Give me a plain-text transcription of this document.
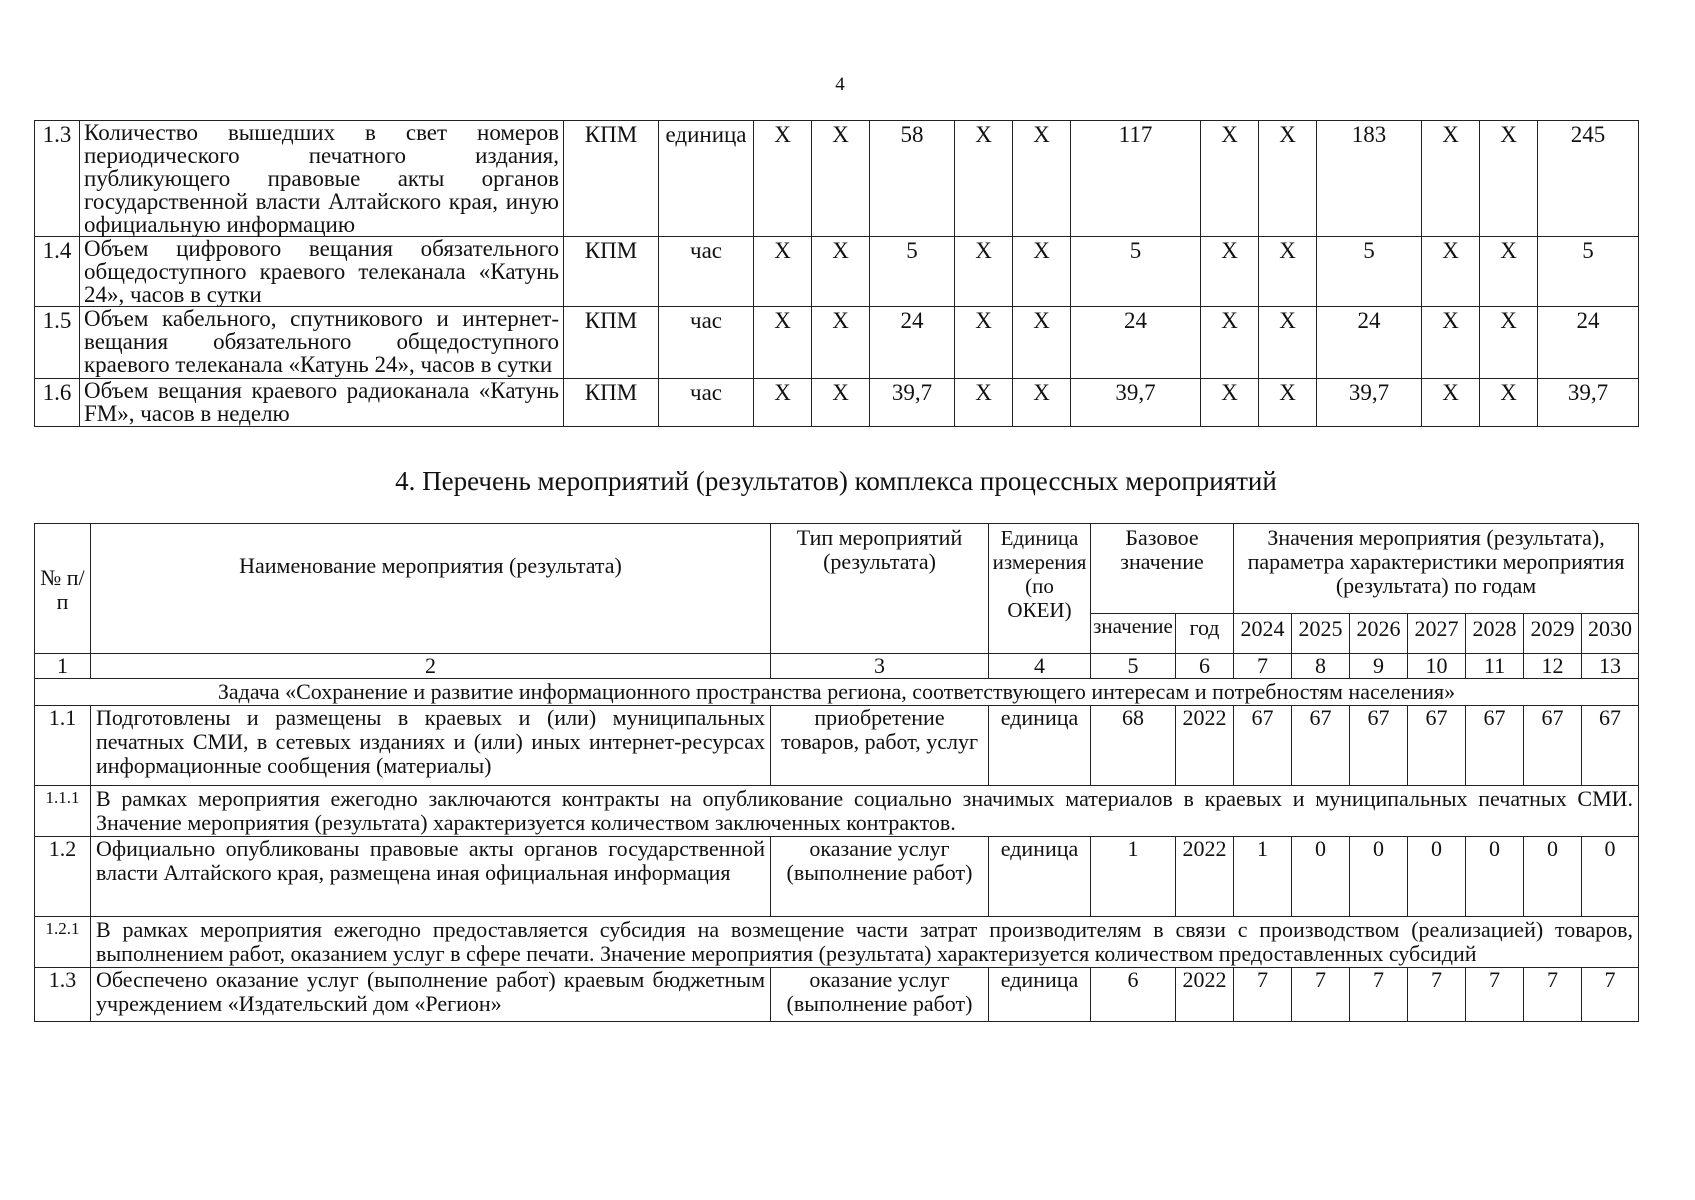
4
1.3	Количество вышедших в свет номеров периодического печатного издания, публикующего правовые акты органов государственной власти Алтайского края, иную официальную информацию	КПМ	единица	X	X	58	X	X	117	X	X	183	X	X	245
1.4	Объем цифрового вещания обязательного общедоступного краевого телеканала «Катунь 24», часов в сутки	КПМ	час	X	X	5	X	X	5	X	X	5	X	X	5
1.5	Объем кабельного, спутникового и интернет-вещания обязательного общедоступного краевого телеканала «Катунь 24», часов в сутки	КПМ	час	X	X	24	X	X	24	X	X	24	X	X	24
1.6	Объем вещания краевого радиоканала «Катунь FM», часов в неделю	КПМ	час	X	X	39,7	X	X	39,7	X	X	39,7	X	X	39,7
4. Перечень мероприятий (результатов) комплекса процессных мероприятий
№ п/п	Наименование мероприятия (результата)	Тип мероприятий (результата)	Единица измерения (по ОКЕИ)	Базовое значение		Значения мероприятия (результата), параметра характеристики мероприятия (результата) по годам						
				значение	год	2024	2025	2026	2027	2028	2029	2030
1	2	3	4	5	6	7	8	9	10	11	12	13
Задача «Сохранение и развитие информационного пространства региона, соответствующего интересам и потребностям населения»												
1.1	Подготовлены и размещены в краевых и (или) муниципальных печатных СМИ, в сетевых изданиях и (или) иных интернет-ресурсах информационные сообщения (материалы)	приобретение товаров, работ, услуг	единица	68	2022	67	67	67	67	67	67	67
1.1.1	В рамках мероприятия ежегодно заключаются контракты на опубликование социально значимых материалов в краевых и муниципальных печатных СМИ. Значение мероприятия (результата) характеризуется количеством заключенных контрактов.											
1.2	Официально опубликованы правовые акты органов государственной власти Алтайского края, размещена иная официальная информация	оказание услуг (выполнение работ)	единица	1	2022	1	0	0	0	0	0	0
1.2.1	В рамках мероприятия ежегодно предоставляется субсидия на возмещение части затрат производителям в связи с производством (реализацией) товаров, выполнением работ, оказанием услуг в сфере печати. Значение мероприятия (результата) характеризуется количеством предоставленных субсидий											
1.3	Обеспечено оказание услуг (выполнение работ) краевым бюджетным учреждением «Издательский дом «Регион»	оказание услуг (выполнение работ)	единица	6	2022	7	7	7	7	7	7	7
